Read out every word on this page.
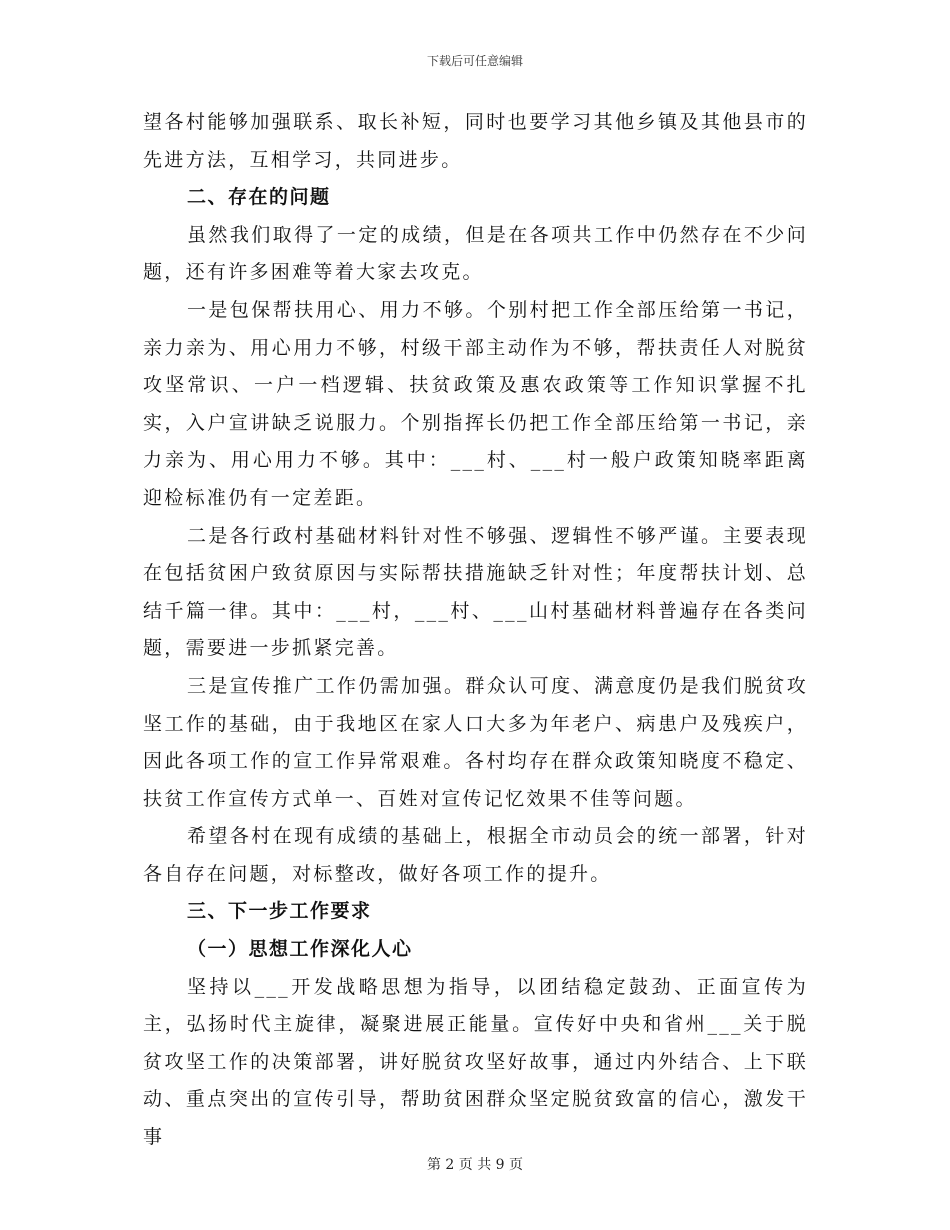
下载后可任意编辑

望各村能够加强联系、取长补短，同时也要学习其他乡镇及其他县市的先进方法，互相学习，共同进步。

二、存在的问题

虽然我们取得了一定的成绩，但是在各项共工作中仍然存在不少问题，还有许多困难等着大家去攻克。

一是包保帮扶用心、用力不够。个别村把工作全部压给第一书记，亲力亲为、用心用力不够，村级干部主动作为不够，帮扶责任人对脱贫攻坚常识、一户一档逻辑、扶贫政策及惠农政策等工作知识掌握不扎实，入户宣讲缺乏说服力。个别指挥长仍把工作全部压给第一书记，亲力亲为、用心用力不够。其中：___村、___村一般户政策知晓率距离迎检标准仍有一定差距。

二是各行政村基础材料针对性不够强、逻辑性不够严谨。主要表现在包括贫困户致贫原因与实际帮扶措施缺乏针对性；年度帮扶计划、总结千篇一律。其中：___村，___村、___山村基础材料普遍存在各类问题，需要进一步抓紧完善。

三是宣传推广工作仍需加强。群众认可度、满意度仍是我们脱贫攻坚工作的基础，由于我地区在家人口大多为年老户、病患户及残疾户，因此各项工作的宣工作异常艰难。各村均存在群众政策知晓度不稳定、扶贫工作宣传方式单一、百姓对宣传记忆效果不佳等问题。

希望各村在现有成绩的基础上，根据全市动员会的统一部署，针对各自存在问题，对标整改，做好各项工作的提升。

三、下一步工作要求

（一）思想工作深化人心

坚持以___开发战略思想为指导，以团结稳定鼓劲、正面宣传为主，弘扬时代主旋律，凝聚进展正能量。宣传好中央和省州___关于脱贫攻坚工作的决策部署，讲好脱贫攻坚好故事，通过内外结合、上下联动、重点突出的宣传引导，帮助贫困群众坚定脱贫致富的信心，激发干事

第 2 页 共 9 页
